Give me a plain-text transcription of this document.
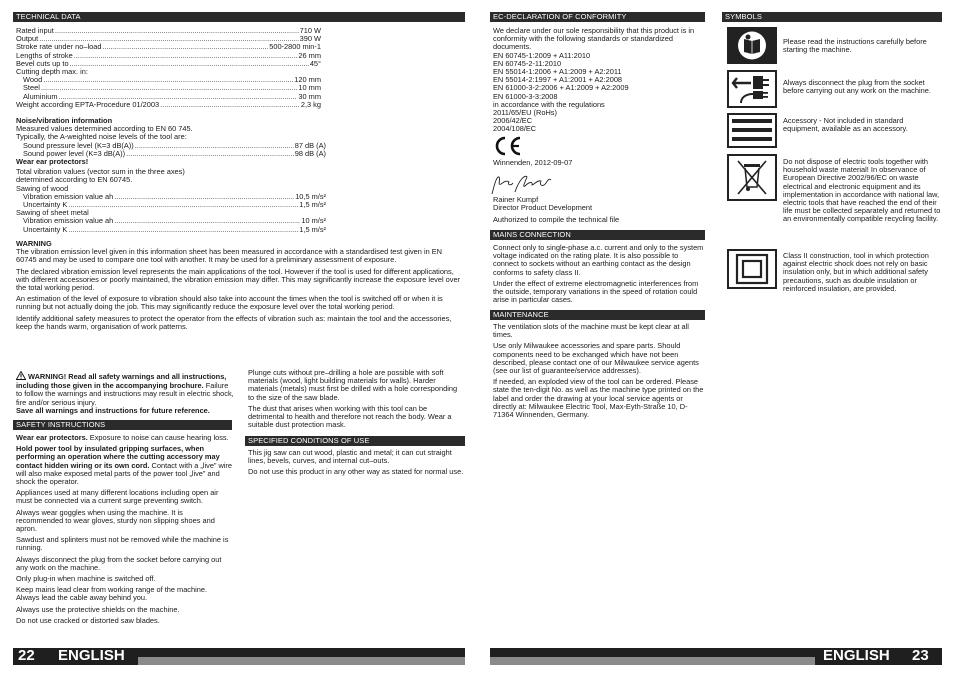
TECHNICAL DATA
Rated input .....	710 W
Output .....	390 W
Stroke rate under no–load .....	500-2800 min-1
Lengths of stroke .....	26 mm
Bevel cuts up to .....	45°
Cutting depth max. in:
Wood .....	120 mm
Steel .....	10 mm
Aluminium .....	30 mm
Weight according EPTA-Procedure 01/2003 .....	2,3 kg
Noise/vibration information
Measured values determined according to EN 60 745.
Typically, the A-weighted noise levels of the tool are:
Sound pressure level (K=3 dB(A)) .....	87 dB (A)
Sound power level (K=3 dB(A)) .....	98 dB (A)
Wear ear protectors!
Total vibration values (vector sum in the three axes)
determined according to EN 60745.
Sawing of wood
Vibration emission value ah .....	10,5 m/s²
Uncertainty K .....	1,5 m/s²
Sawing of sheet metal
Vibration emission value ah .....	10 m/s²
Uncertainty K .....	1,5 m/s²
WARNING

The vibration emission level given in this information sheet has been measured in accordance with a standardised test given in EN 60745 and may be used to compare one tool with another. It may be used for a preliminary assessment of exposure.

The declared vibration emission level represents the main applications of the tool. However if the tool is used for different applications, with different accessories or poorly maintained, the vibration emission may differ. This may significantly increase the exposure level over the total working period.

An estimation of the level of exposure to vibration should also take into account the times when the tool is switched off or when it is running but not actually doing the job. This may significantly reduce the exposure level over the total working period.

Identify additional safety measures to protect the operator from the effects of vibration such as: maintain the tool and the accessories, keep the hands warm, organisation of work patterns.

WARNING! Read all safety warnings and all instructions, including those given in the accompanying brochure. Failure to follow the warnings and instructions may result in electric shock, fire and/or serious injury.
Save all warnings and instructions for future reference.
SAFETY INSTRUCTIONS

Wear ear protectors. Exposure to noise can cause hearing loss.

Hold power tool by insulated gripping surfaces, when performing an operation where the cutting accessory may contact hidden wiring or its own cord. Contact with a „live” wire will also make exposed metal parts of the power tool „live” and shock the operator.

Appliances used at many different locations including open air must be connected via a current surge preventing switch.

Always wear goggles when using the machine. It is recommended to wear gloves, sturdy non slipping shoes and apron.

Sawdust and splinters must not be removed while the machine is running.

Always disconnect the plug from the socket before carrying out any work on the machine.

Only plug-in when machine is switched off.

Keep mains lead clear from working range of the machine. Always lead the cable away behind you.

Always use the protective shields on the machine.

Do not use cracked or distorted saw blades.

Plunge cuts without pre–drilling a hole are possible with soft materials (wood, light building materials for walls). Harder materials (metals) must first be drilled with a hole corresponding to the size of the saw blade.

The dust that arises when working with this tool can be detrimental to health and therefore not reach the body. Wear a suitable dust protection mask.

SPECIFIED CONDITIONS OF USE

This jig saw can cut wood, plastic and metal; it can cut straight lines, bevels, curves, and internal cut–outs.

Do not use this product in any other way as stated for normal use.

22 ENGLISH
EC-DECLARATION OF CONFORMITY
We declare under our sole responsibility that this product is in conformity with the following standards or standardized documents.
EN 60745-1:2009 + A11:2010
EN 60745-2-11:2010
EN 55014-1:2006 + A1:2009 + A2:2011
EN 55014-2:1997 + A1:2001 + A2:2008
EN 61000-3-2:2006 + A1:2009 + A2:2009
EN 61000-3-3:2008
in accordance with the regulations
2011/65/EU (RoHs)
2006/42/EC
2004/108/EC
Winnenden, 2012-09-07
Rainer Kumpf
Director Product Development
Authorized to compile the technical file
MAINS CONNECTION

Connect only to single-phase a.c. current and only to the system voltage indicated on the rating plate. It is also possible to connect to sockets without an earthing contact as the design conforms to safety class II.

Under the effect of extreme electromagnetic interferences from the outside, temporary variations in the speed of rotation could arise in particular cases.

MAINTENANCE

The ventilation slots of the machine must be kept clear at all times.

Use only Milwaukee accessories and spare parts. Should components need to be exchanged which have not been described, please contact one of our Milwaukee service agents (see our list of guarantee/service addresses).

If needed, an exploded view of the tool can be ordered. Please state the ten-digit No. as well as the machine type printed on the label and order the drawing at your local service agents or directly at: Milwaukee Electric Tool, Max-Eyth-Straße 10, D-71364 Winnenden, Germany.

SYMBOLS
Please read the instructions carefully before starting the machine.
Always disconnect the plug from the socket before carrying out any work on the machine.
Accessory - Not included in standard equipment, available as an accessory.
Do not dispose of electric tools together with household waste material! In observance of European Directive 2002/96/EC on waste electrical and electronic equipment and its implementation in accordance with national law, electric tools that have reached the end of their life must be collected separately and returned to an environmentally compatible recycling facility.
Class II construction, tool in which protection against electric shock does not rely on basic insulation only, but in which additional safety precautions, such as double insulation or reinforced insulation, are provided.
ENGLISH 23
